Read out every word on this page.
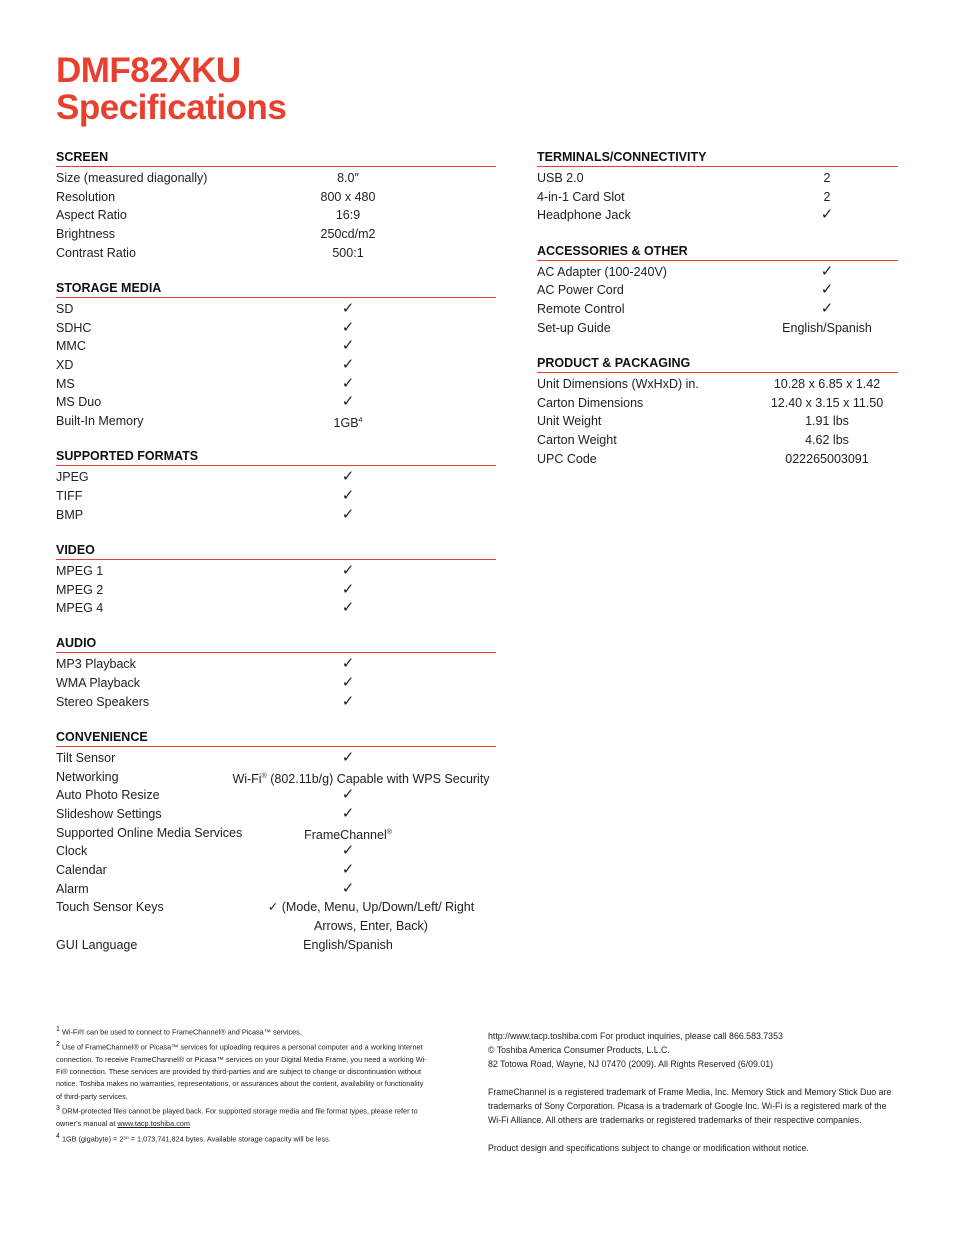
DMF82XKU
Specifications
SCREEN
Size (measured diagonally)	8.0″
Resolution	800 x 480
Aspect Ratio	16:9
Brightness	250cd/m2
Contrast Ratio	500:1
STORAGE MEDIA
SD	✓
SDHC	✓
MMC	✓
XD	✓
MS	✓
MS Duo	✓
Built-In Memory	$1GB^4$
SUPPORTED FORMATS
JPEG	✓
TIFF	✓
BMP	✓
VIDEO
MPEG 1	✓
MPEG 2	✓
MPEG 4	✓
AUDIO
MP3 Playback	✓
WMA Playback	✓
Stereo Speakers	✓
CONVENIENCE
Tilt Sensor	✓
Networking	Wi-Fi® (802.11b/g) Capable with WPS Security
Auto Photo Resize	✓
Slideshow Settings	✓
Supported Online Media Services	FrameChannel®
Clock	✓
Calendar	✓
Alarm	✓
Touch Sensor Keys	✓ (Mode, Menu, Up/Down/Left/ Right Arrows, Enter, Back)
GUI Language	English/Spanish
TERMINALS/CONNECTIVITY
USB 2.0	2
4-in-1 Card Slot	2
Headphone Jack	✓
ACCESSORIES & OTHER
AC Adapter (100-240V)	✓
AC Power Cord	✓
Remote Control	✓
Set-up Guide	English/Spanish
PRODUCT & PACKAGING
Unit Dimensions (WxHxD) in.	10.28 x 6.85 x 1.42
Carton Dimensions	12.40 x 3.15 x 11.50
Unit Weight	1.91 lbs
Carton Weight	4.62 lbs
UPC Code	022265003091

$^1$ Wi-Fi® can be used to connect to FrameChannel® and Picasa™ services.

$^2$ Use of FrameChannel® or Picasa™ services for uploading requires a personal computer and a working Internet connection. To receive FrameChannel® or Picasa™ services on your Digital Media Frame, you need a working Wi-Fi® connection. These services are provided by third-parties and are subject to change or discontinuation without notice. Toshiba makes no warranties, representations, or assurances about the content, availability or functionality of third-party services.

$^3$ DRM-protected files cannot be played back. For supported storage media and file format types, please refer to owner’s manual at www.tacp.toshiba.com

$^4$ 1GB (gigabyte) = 2³⁰ = 1,073,741,824 bytes. Available storage capacity will be less.

http://www.tacp.toshiba.com For product inquiries, please call 866.583.7353
© Toshiba America Consumer Products, L.L.C.
82 Totowa Road, Wayne, NJ 07470 (2009). All Rights Reserved (6/09.01)

FrameChannel is a registered trademark of Frame Media, Inc. Memory Stick and Memory Stick Duo are trademarks of Sony Corporation. Picasa is a trademark of Google Inc. Wi-Fi is a registered mark of the Wi-Fi Alliance. All others are trademarks or registered trademarks of their respective companies.

Product design and specifications subject to change or modification without notice.
